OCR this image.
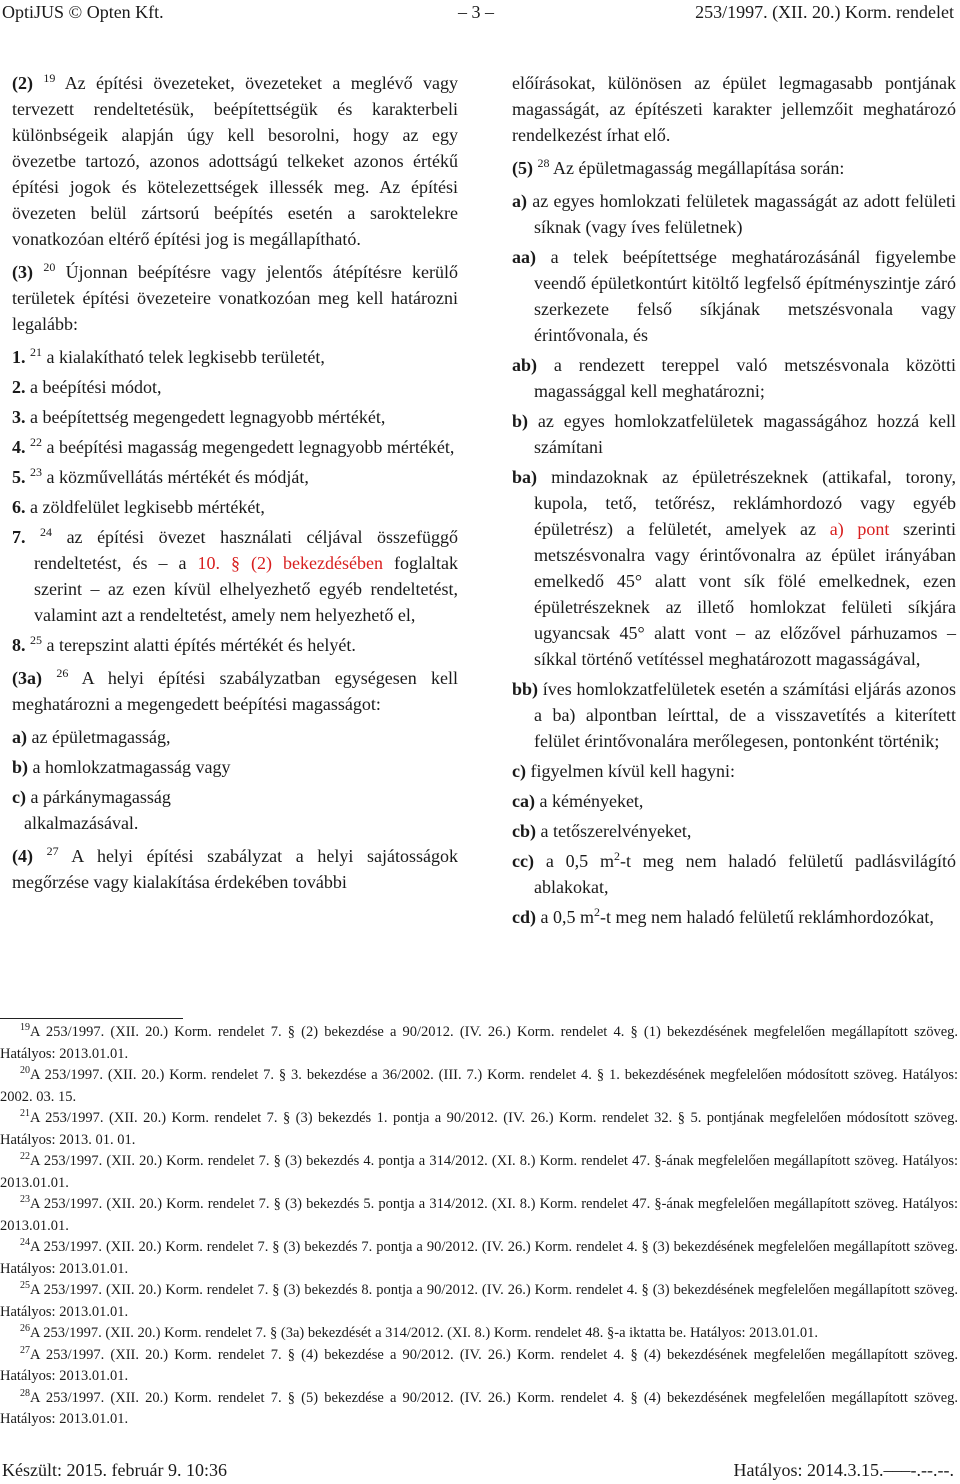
OptiJUS © Opten Kft.	– 3 –	253/1997. (XII. 20.) Korm. rendelet

(2) $^{19}$ Az építési övezeteket, övezeteket a meglévő vagy tervezett rendeltetésük, beépítettségük és karakterbeli különbségeik alapján úgy kell besorolni, hogy az egy övezetbe tartozó, azonos adottságú telkeket azonos értékű építési jogok és kötelezettségek illessék meg. Az építési övezeten belül zártsorú beépítés esetén a saroktelekre vonatkozóan eltérő építési jog is megállapítható.

(3) $^{20}$ Újonnan beépítésre vagy jelentős átépítésre kerülő területek építési övezeteire vonatkozóan meg kell határozni legalább:

1. $^{21}$ a kialakítható telek legkisebb területét,

2. a beépítési módot,

3. a beépítettség megengedett legnagyobb mértékét,

4. $^{22}$ a beépítési magasság megengedett legnagyobb mértékét,

5. $^{23}$ a közművellátás mértékét és módját,

6. a zöldfelület legkisebb mértékét,

7. $^{24}$ az építési övezet használati céljával összefüggő rendeltetést, és – a 10. § (2) bekezdésében foglaltak szerint – az ezen kívül elhelyezhető egyéb rendeltetést, valamint azt a rendeltetést, amely nem helyezhető el,

8. $^{25}$ a terepszint alatti építés mértékét és helyét.

(3a) $^{26}$ A helyi építési szabályzatban egységesen kell meghatározni a megengedett beépítési magasságot:

a) az épületmagasság,

b) a homlokzatmagasság vagy

c) a párkánymagasság

alkalmazásával.

(4) $^{27}$ A helyi építési szabályzat a helyi sajátosságok megőrzése vagy kialakítása érdekében további

előírásokat, különösen az épület legmagasabb pontjának magasságát, az építészeti karakter jellemzőit meghatározó rendelkezést írhat elő.

(5) $^{28}$ Az épületmagasság megállapítása során:

a) az egyes homlokzati felületek magasságát az adott felületi síknak (vagy íves felületnek)

aa) a telek beépítettsége meghatározásánál figyelembe veendő épületkontúrt kitöltő legfelső építményszintje záró szerkezete felső síkjának metszésvonala vagy érintővonala, és

ab) a rendezett tereppel való metszésvonala közötti magassággal kell meghatározni;

b) az egyes homlokzatfelületek magasságához hozzá kell számítani

ba) mindazoknak az épületrészeknek (attikafal, torony, kupola, tető, tetőrész, reklámhordozó vagy egyéb épületrész) a felületét, amelyek az a) pont szerinti metszésvonalra vagy érintővonalra az épület irányában emelkedő 45° alatt vont sík fölé emelkednek, ezen épületrészeknek az illető homlokzat felületi síkjára ugyancsak 45° alatt vont – az előzővel párhuzamos – síkkal történő vetítéssel meghatározott magasságával,

bb) íves homlokzatfelületek esetén a számítási eljárás azonos a ba) alpontban leírttal, de a visszavetítés a kiterített felület érintővonalára merőlegesen, pontonként történik;

c) figyelmen kívül kell hagyni:

ca) a kéményeket,

cb) a tetőszerelvényeket,

cc) a 0,5 $m^2-t$ meg nem haladó felületű padlásvilágító ablakokat,

cd) a 0,5 $m^2-t$ meg nem haladó felületű reklámhordozókat,

$^{19}$A 253/1997. (XII. 20.) Korm. rendelet 7. § (2) bekezdése a 90/2012. (IV. 26.) Korm. rendelet 4. § (1) bekezdésének megfelelően megállapított szöveg. Hatályos: 2013.01.01.

$^{20}$A 253/1997. (XII. 20.) Korm. rendelet 7. § 3. bekezdése a 36/2002. (III. 7.) Korm. rendelet 4. § 1. bekezdésének megfelelően módosított szöveg. Hatályos: 2002. 03. 15.

$^{21}$A 253/1997. (XII. 20.) Korm. rendelet 7. § (3) bekezdés 1. pontja a 90/2012. (IV. 26.) Korm. rendelet 32. § 5. pontjának megfelelően módosított szöveg. Hatályos: 2013. 01. 01.

$^{22}$A 253/1997. (XII. 20.) Korm. rendelet 7. § (3) bekezdés 4. pontja a 314/2012. (XI. 8.) Korm. rendelet 47. §-ának megfelelően megállapított szöveg. Hatályos: 2013.01.01.

$^{23}$A 253/1997. (XII. 20.) Korm. rendelet 7. § (3) bekezdés 5. pontja a 314/2012. (XI. 8.) Korm. rendelet 47. §-ának megfelelően megállapított szöveg. Hatályos: 2013.01.01.

$^{24}$A 253/1997. (XII. 20.) Korm. rendelet 7. § (3) bekezdés 7. pontja a 90/2012. (IV. 26.) Korm. rendelet 4. § (3) bekezdésének megfelelően megállapított szöveg. Hatályos: 2013.01.01.

$^{25}$A 253/1997. (XII. 20.) Korm. rendelet 7. § (3) bekezdés 8. pontja a 90/2012. (IV. 26.) Korm. rendelet 4. § (3) bekezdésének megfelelően megállapított szöveg. Hatályos: 2013.01.01.

$^{26}$A 253/1997. (XII. 20.) Korm. rendelet 7. § (3a) bekezdését a 314/2012. (XI. 8.) Korm. rendelet 48. §-a iktatta be. Hatályos: 2013.01.01.

$^{27}$A 253/1997. (XII. 20.) Korm. rendelet 7. § (4) bekezdése a 90/2012. (IV. 26.) Korm. rendelet 4. § (4) bekezdésének megfelelően megállapított szöveg. Hatályos: 2013.01.01.

$^{28}$A 253/1997. (XII. 20.) Korm. rendelet 7. § (5) bekezdése a 90/2012. (IV. 26.) Korm. rendelet 4. § (4) bekezdésének megfelelően megállapított szöveg. Hatályos: 2013.01.01.

Készült: 2015. február 9. 10:36	Hatályos: 2014.3.15.–––-.--.--.
